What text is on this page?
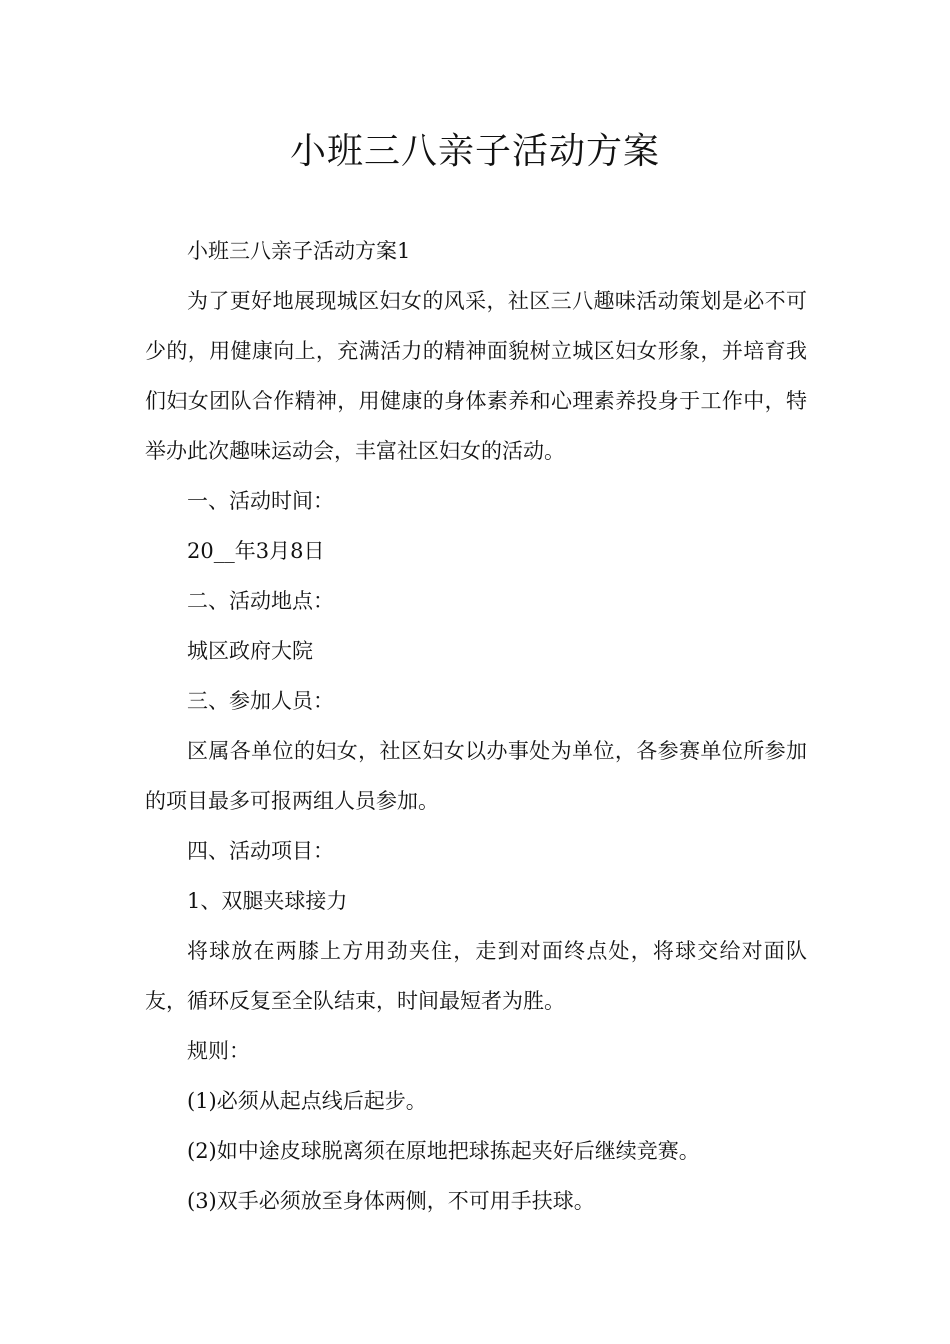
小班三八亲子活动方案

小班三八亲子活动方案1

为了更好地展现城区妇女的风采，社区三八趣味活动策划是必不可少的，用健康向上，充满活力的精神面貌树立城区妇女形象，并培育我们妇女团队合作精神，用健康的身体素养和心理素养投身于工作中，特举办此次趣味运动会，丰富社区妇女的活动。

一、活动时间：

20__年3月8日

二、活动地点：

城区政府大院

三、参加人员：

区属各单位的妇女，社区妇女以办事处为单位，各参赛单位所参加的项目最多可报两组人员参加。

四、活动项目：

1、双腿夹球接力

将球放在两膝上方用劲夹住，走到对面终点处，将球交给对面队友，循环反复至全队结束，时间最短者为胜。

规则：

(1)必须从起点线后起步。

(2)如中途皮球脱离须在原地把球拣起夹好后继续竞赛。

(3)双手必须放至身体两侧，不可用手扶球。
